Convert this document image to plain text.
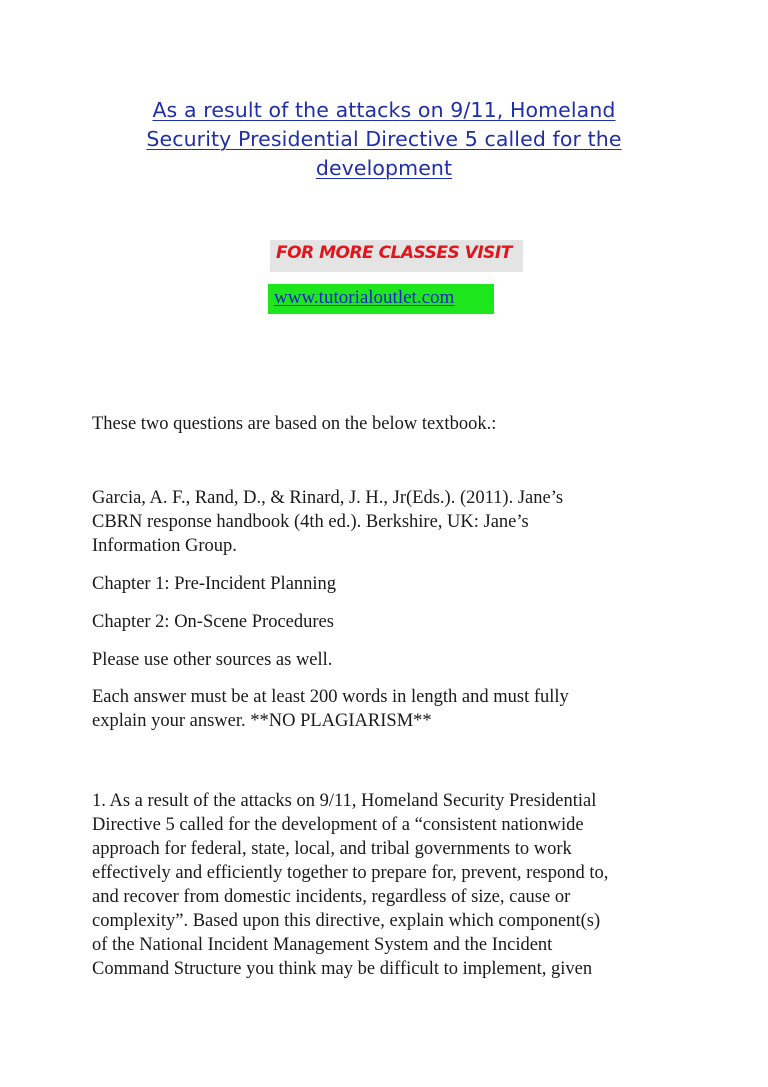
As a result of the attacks on 9/11, Homeland
Security Presidential Directive 5 called for the
development
FOR MORE CLASSES VISIT
www.tutorialoutlet.com

These two questions are based on the below textbook.:

Garcia, A. F., Rand, D., & Rinard, J. H., Jr(Eds.). (2011). Jane’s
CBRN response handbook (4th ed.). Berkshire, UK: Jane’s
Information Group.

Chapter 1: Pre-Incident Planning

Chapter 2: On-Scene Procedures

Please use other sources as well.

Each answer must be at least 200 words in length and must fully
explain your answer. **NO PLAGIARISM**

1. As a result of the attacks on 9/11, Homeland Security Presidential
Directive 5 called for the development of a “consistent nationwide
approach for federal, state, local, and tribal governments to work
effectively and efficiently together to prepare for, prevent, respond to,
and recover from domestic incidents, regardless of size, cause or
complexity”. Based upon this directive, explain which component(s)
of the National Incident Management System and the Incident
Command Structure you think may be difficult to implement, given
